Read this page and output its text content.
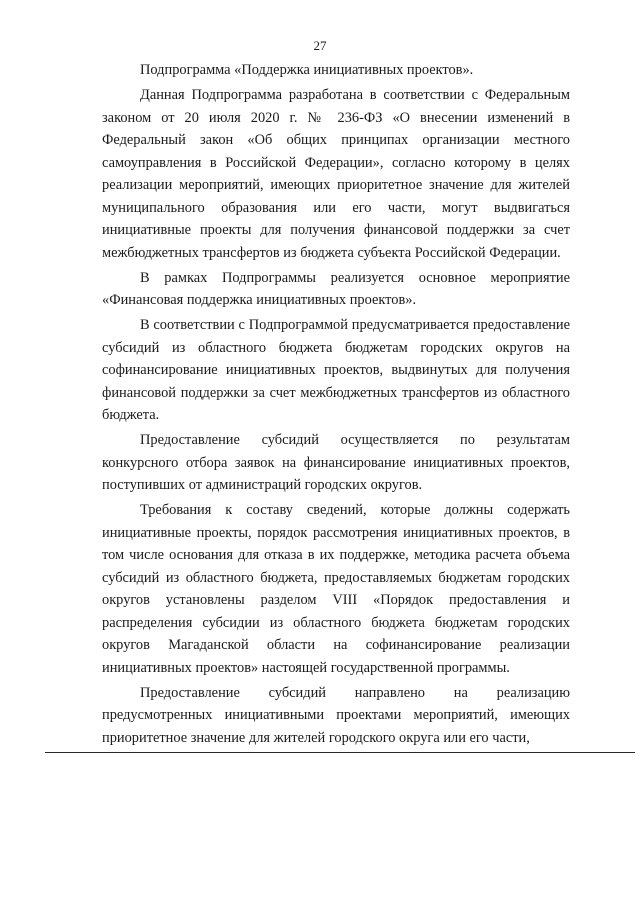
27

Подпрограмма «Поддержка инициативных проектов».

Данная Подпрограмма разработана в соответствии с Федеральным законом от 20 июля 2020 г. № 236-ФЗ «О внесении изменений в Федеральный закон «Об общих принципах организации местного самоуправления в Российской Федерации», согласно которому в целях реализации мероприятий, имеющих приоритетное значение для жителей муниципального образования или его части, могут выдвигаться инициативные проекты для получения финансовой поддержки за счет межбюджетных трансфертов из бюджета субъекта Российской Федерации.

В рамках Подпрограммы реализуется основное мероприятие «Финансовая поддержка инициативных проектов».

В соответствии с Подпрограммой предусматривается предоставление субсидий из областного бюджета бюджетам городских округов на софинансирование инициативных проектов, выдвинутых для получения финансовой поддержки за счет межбюджетных трансфертов из областного бюджета.

Предоставление субсидий осуществляется по результатам конкурсного отбора заявок на финансирование инициативных проектов, поступивших от администраций городских округов.

Требования к составу сведений, которые должны содержать инициативные проекты, порядок рассмотрения инициативных проектов, в том числе основания для отказа в их поддержке, методика расчета объема субсидий из областного бюджета, предоставляемых бюджетам городских округов установлены разделом VIII «Порядок предоставления и распределения субсидии из областного бюджета бюджетам городских округов Магаданской области на софинансирование реализации инициативных проектов» настоящей государственной программы.

Предоставление субсидий направлено на реализацию предусмотренных инициативными проектами мероприятий, имеющих приоритетное значение для жителей городского округа или его части,
